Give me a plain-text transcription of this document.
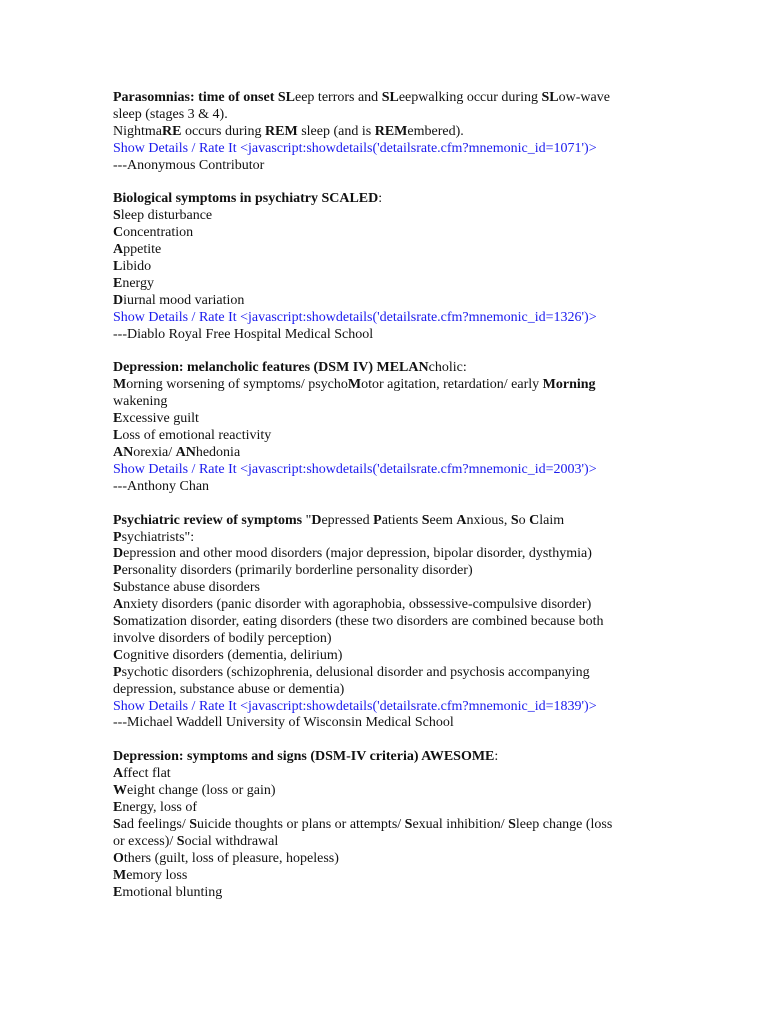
Parasomnias: time of onset SLeep terrors and SLeepwalking occur during SLow-wave
sleep (stages 3 & 4).
NightmaRE occurs during REM sleep (and is REMembered).
Show Details / Rate It <javascript:showdetails('detailsrate.cfm?mnemonic_id=1071')>
---Anonymous Contributor
Biological symptoms in psychiatry SCALED:
Sleep disturbance
Concentration
Appetite
Libido
Energy
Diurnal mood variation
Show Details / Rate It <javascript:showdetails('detailsrate.cfm?mnemonic_id=1326')>
---Diablo Royal Free Hospital Medical School
Depression: melancholic features (DSM IV) MELANcholic:
Morning worsening of symptoms/ psychoMotor agitation, retardation/ early Morning
wakening
Excessive guilt
Loss of emotional reactivity
ANorexia/ ANhedonia
Show Details / Rate It <javascript:showdetails('detailsrate.cfm?mnemonic_id=2003')>
---Anthony Chan
Psychiatric review of symptoms "Depressed Patients Seem Anxious, So Claim
Psychiatrists":
Depression and other mood disorders (major depression, bipolar disorder, dysthymia)
Personality disorders (primarily borderline personality disorder)
Substance abuse disorders
Anxiety disorders (panic disorder with agoraphobia, obssessive-compulsive disorder)
Somatization disorder, eating disorders (these two disorders are combined because both
involve disorders of bodily perception)
Cognitive disorders (dementia, delirium)
Psychotic disorders (schizophrenia, delusional disorder and psychosis accompanying
depression, substance abuse or dementia)
Show Details / Rate It <javascript:showdetails('detailsrate.cfm?mnemonic_id=1839')>
---Michael Waddell University of Wisconsin Medical School
Depression: symptoms and signs (DSM-IV criteria) AWESOME:
Affect flat
Weight change (loss or gain)
Energy, loss of
Sad feelings/ Suicide thoughts or plans or attempts/ Sexual inhibition/ Sleep change (loss
or excess)/ Social withdrawal
Others (guilt, loss of pleasure, hopeless)
Memory loss
Emotional blunting
